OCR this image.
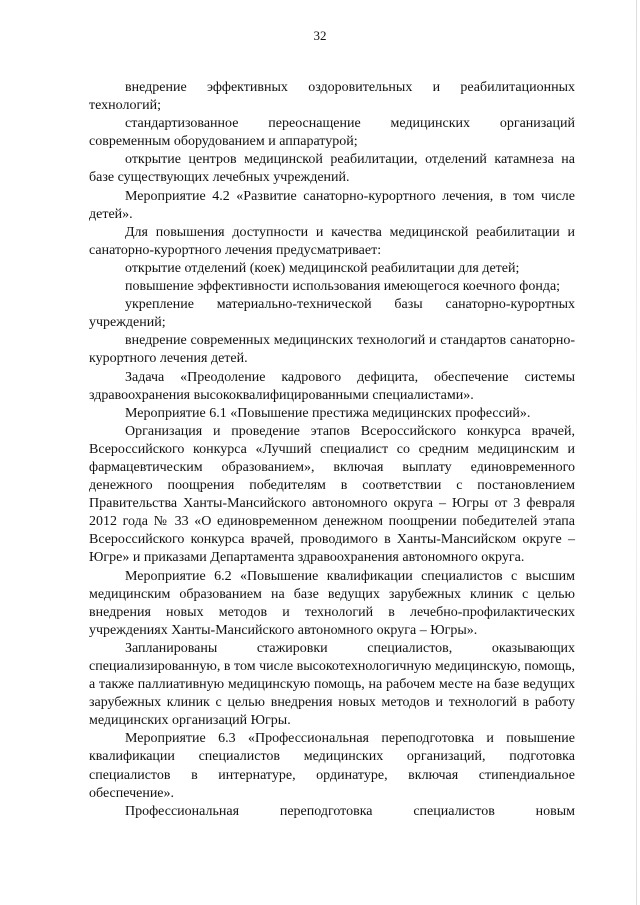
32

внедрение эффективных оздоровительных и реабилитационных технологий;

стандартизованное переоснащение медицинских организаций современным оборудованием и аппаратурой;

открытие центров медицинской реабилитации, отделений катамнеза на базе существующих лечебных учреждений.

Мероприятие 4.2 «Развитие санаторно-курортного лечения, в том числе детей».

Для повышения доступности и качества медицинской реабилитации и санаторно-курортного лечения предусматривает:

открытие отделений (коек) медицинской реабилитации для детей;

повышение эффективности использования имеющегося коечного фонда;

укрепление материально-технической базы санаторно-курортных учреждений;

внедрение современных медицинских технологий и стандартов санаторно-курортного лечения детей.

Задача «Преодоление кадрового дефицита, обеспечение системы здравоохранения высококвалифицированными специалистами».

Мероприятие 6.1 «Повышение престижа медицинских профессий».

Организация и проведение этапов Всероссийского конкурса врачей, Всероссийского конкурса «Лучший специалист со средним медицинским и фармацевтическим образованием», включая выплату единовременного денежного поощрения победителям в соответствии с постановлением Правительства Ханты-Мансийского автономного округа – Югры от 3 февраля 2012 года № 33 «О единовременном денежном поощрении победителей этапа Всероссийского конкурса врачей, проводимого в Ханты-Мансийском округе – Югре» и приказами Департамента здравоохранения автономного округа.

Мероприятие 6.2 «Повышение квалификации специалистов с высшим медицинским образованием на базе ведущих зарубежных клиник с целью внедрения новых методов и технологий в лечебно-профилактических учреждениях Ханты-Мансийского автономного округа – Югры».

Запланированы стажировки специалистов, оказывающих специализированную, в том числе высокотехнологичную медицинскую, помощь, а также паллиативную медицинскую помощь, на рабочем месте на базе ведущих зарубежных клиник с целью внедрения новых методов и технологий в работу медицинских организаций Югры.

Мероприятие 6.3 «Профессиональная переподготовка и повышение квалификации специалистов медицинских организаций, подготовка специалистов в интернатуре, ординатуре, включая стипендиальное обеспечение».

Профессиональная переподготовка специалистов новым
